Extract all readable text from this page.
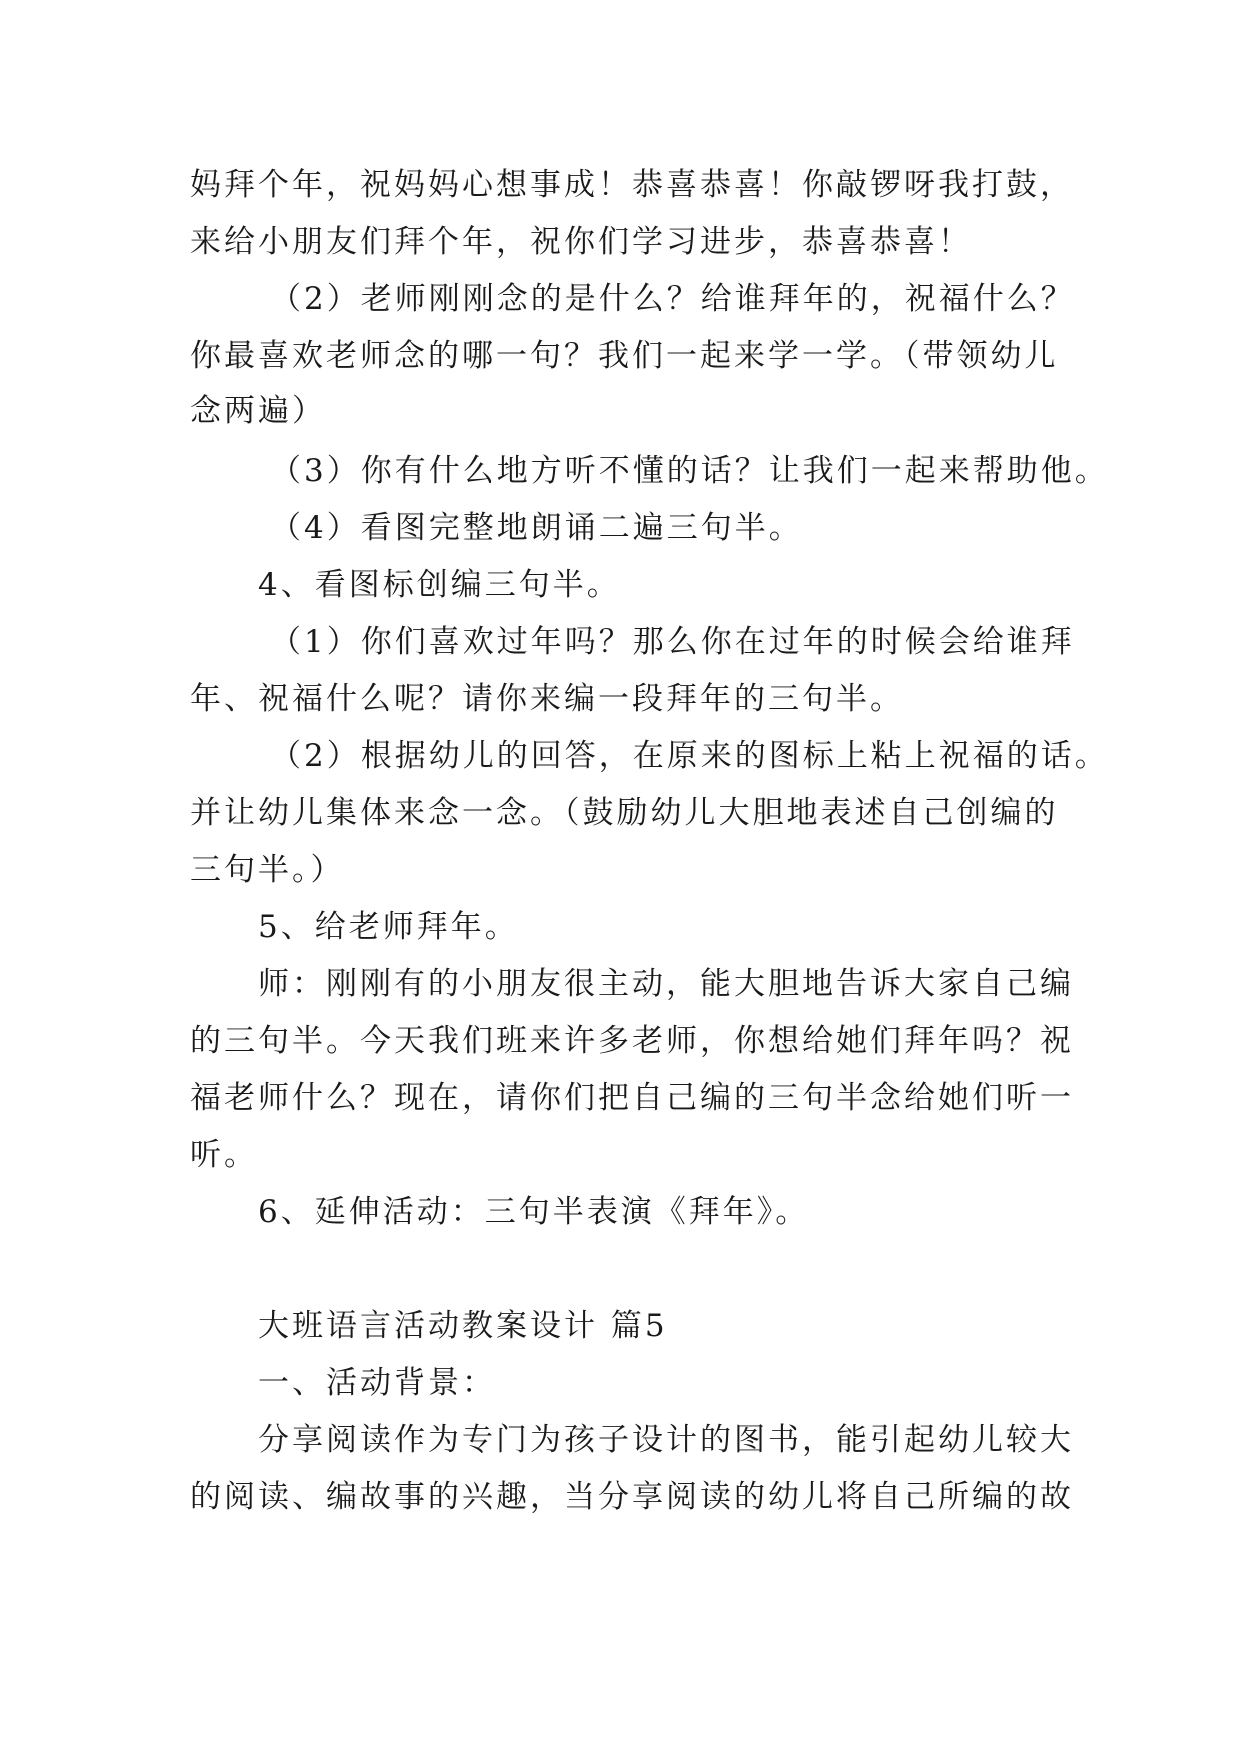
妈拜个年，祝妈妈心想事成！恭喜恭喜！你敲锣呀我打鼓，
来给小朋友们拜个年，祝你们学习进步，恭喜恭喜！
（2）老师刚刚念的是什么？给谁拜年的，祝福什么？
你最喜欢老师念的哪一句？我们一起来学一学。（带领幼儿
念两遍）
（3）你有什么地方听不懂的话？让我们一起来帮助他。
（4）看图完整地朗诵二遍三句半。
4、看图标创编三句半。
（1）你们喜欢过年吗？那么你在过年的时候会给谁拜
年、祝福什么呢？请你来编一段拜年的三句半。
（2）根据幼儿的回答，在原来的图标上粘上祝福的话。
并让幼儿集体来念一念。（鼓励幼儿大胆地表述自己创编的
三句半。）
5、给老师拜年。
师：刚刚有的小朋友很主动，能大胆地告诉大家自己编
的三句半。今天我们班来许多老师，你想给她们拜年吗？祝
福老师什么？现在，请你们把自己编的三句半念给她们听一
听。
6、延伸活动：三句半表演《拜年》。
大班语言活动教案设计 篇5
一、活动背景：
分享阅读作为专门为孩子设计的图书，能引起幼儿较大
的阅读、编故事的兴趣，当分享阅读的幼儿将自己所编的故
